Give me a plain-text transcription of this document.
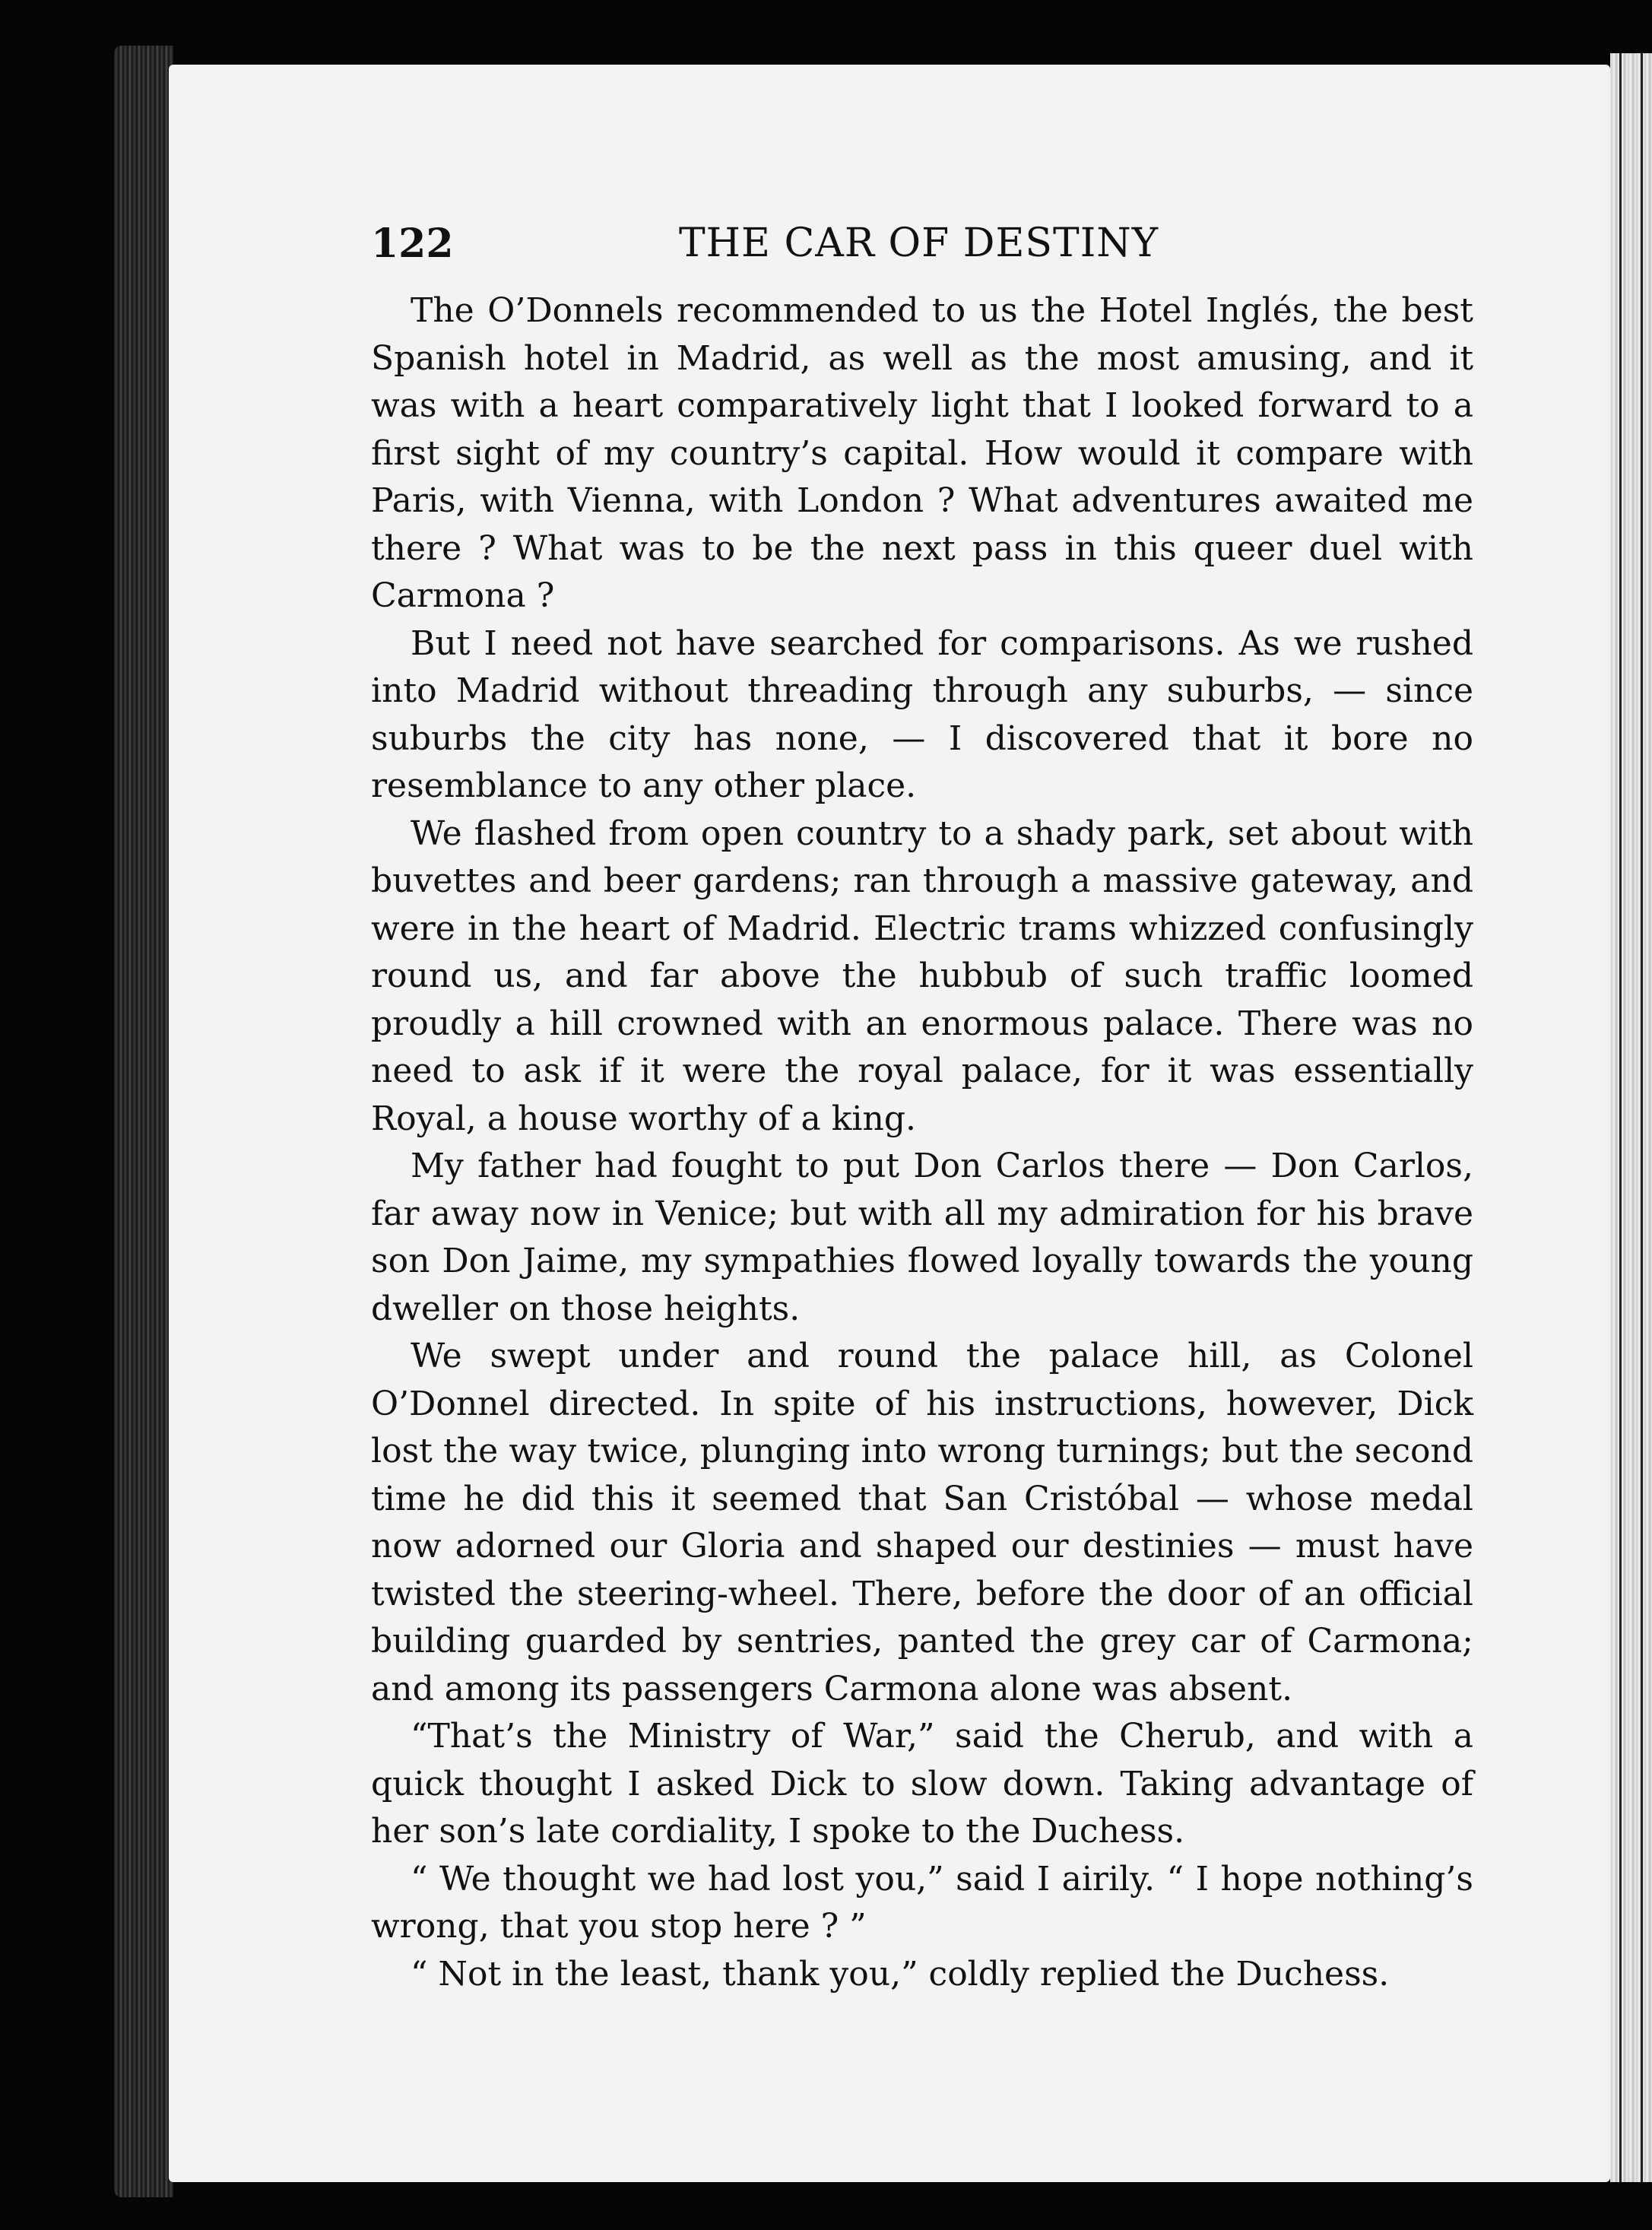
122	THE CAR OF DESTINY

The O’Donnels recommended to us the Hotel Inglés, the best Spanish hotel in Madrid, as well as the most amusing, and it was with a heart comparatively light that I looked forward to a first sight of my country’s capital. How would it compare with Paris, with Vienna, with London ? What adventures awaited me there ? What was to be the next pass in this queer duel with Carmona ?

But I need not have searched for comparisons. As we rushed into Madrid without threading through any suburbs, — since suburbs the city has none, — I discovered that it bore no resemblance to any other place.

We flashed from open country to a shady park, set about with buvettes and beer gardens; ran through a massive gateway, and were in the heart of Madrid. Electric trams whizzed confusingly round us, and far above the hubbub of such traffic loomed proudly a hill crowned with an enormous palace. There was no need to ask if it were the royal palace, for it was essentially Royal, a house worthy of a king.

My father had fought to put Don Carlos there — Don Carlos, far away now in Venice; but with all my admiration for his brave son Don Jaime, my sympathies flowed loyally towards the young dweller on those heights.

We swept under and round the palace hill, as Colonel O’Donnel directed. In spite of his instructions, however, Dick lost the way twice, plunging into wrong turnings; but the second time he did this it seemed that San Cristóbal — whose medal now adorned our Gloria and shaped our destinies — must have twisted the steering-wheel. There, before the door of an official building guarded by sentries, panted the grey car of Carmona; and among its passengers Carmona alone was absent.

“That’s the Ministry of War,” said the Cherub, and with a quick thought I asked Dick to slow down. Taking advantage of her son’s late cordiality, I spoke to the Duchess.

“ We thought we had lost you,” said I airily. “ I hope nothing’s wrong, that you stop here ? ”

“ Not in the least, thank you,” coldly replied the Duchess.
